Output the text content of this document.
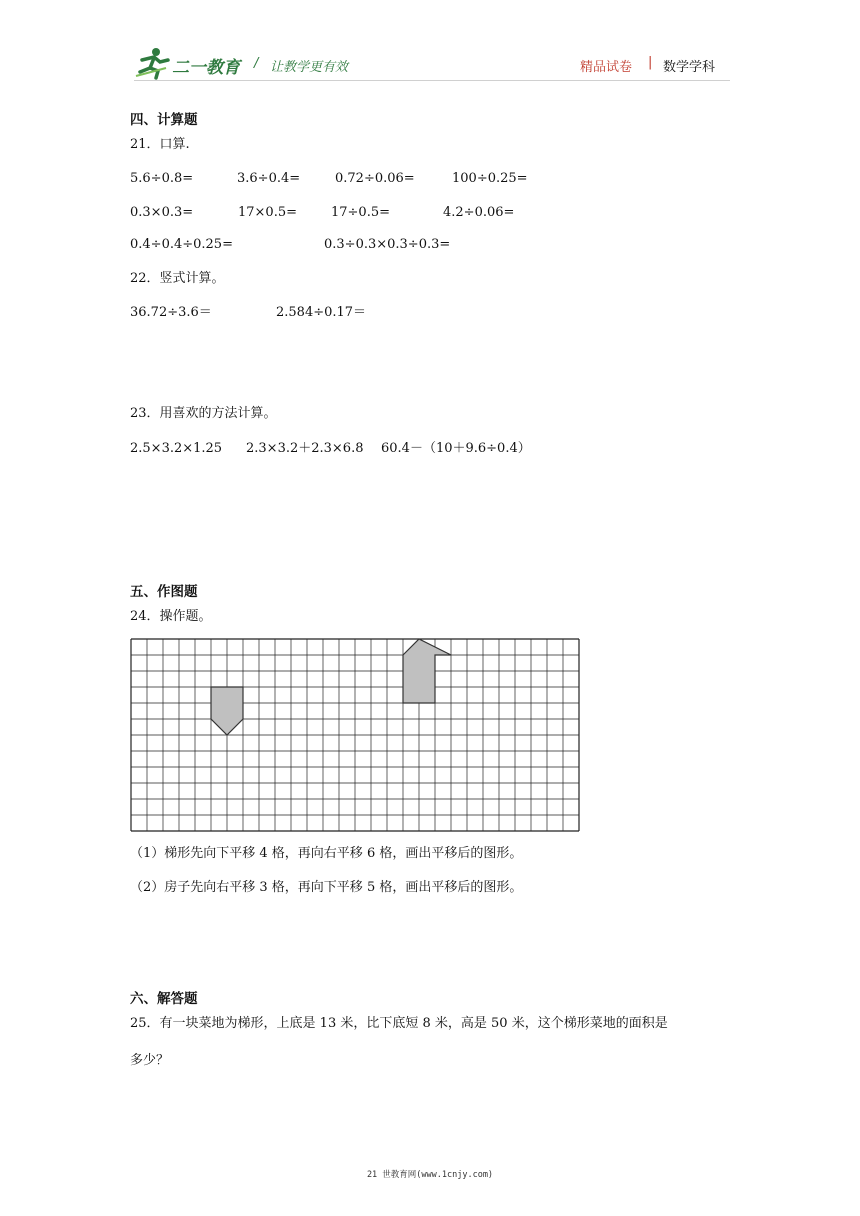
二一教育 / 让教学更有效	精品试卷 | 数学学科
四、计算题
21．口算.
5.6÷0.8=	3.6÷0.4=	0.72÷0.06=	100÷0.25=
0.3×0.3=	17×0.5=	17÷0.5=	4.2÷0.06=
0.4÷0.4÷0.25=	0.3÷0.3×0.3÷0.3=
22．竖式计算。
36.72÷3.6＝	2.584÷0.17＝
23．用喜欢的方法计算。
2.5×3.2×1.25 2.3×3.2＋2.3×6.8 60.4－（10＋9.6÷0.4）
五、作图题
24．操作题。
（1）梯形先向下平移 4 格，再向右平移 6 格，画出平移后的图形。
（2）房子先向右平移 3 格，再向下平移 5 格，画出平移后的图形。
六、解答题
25．有一块菜地为梯形，上底是 13 米，比下底短 8 米，高是 50 米，这个梯形菜地的面积是
多少？
21 世教育网(www.1cnjy.com)
